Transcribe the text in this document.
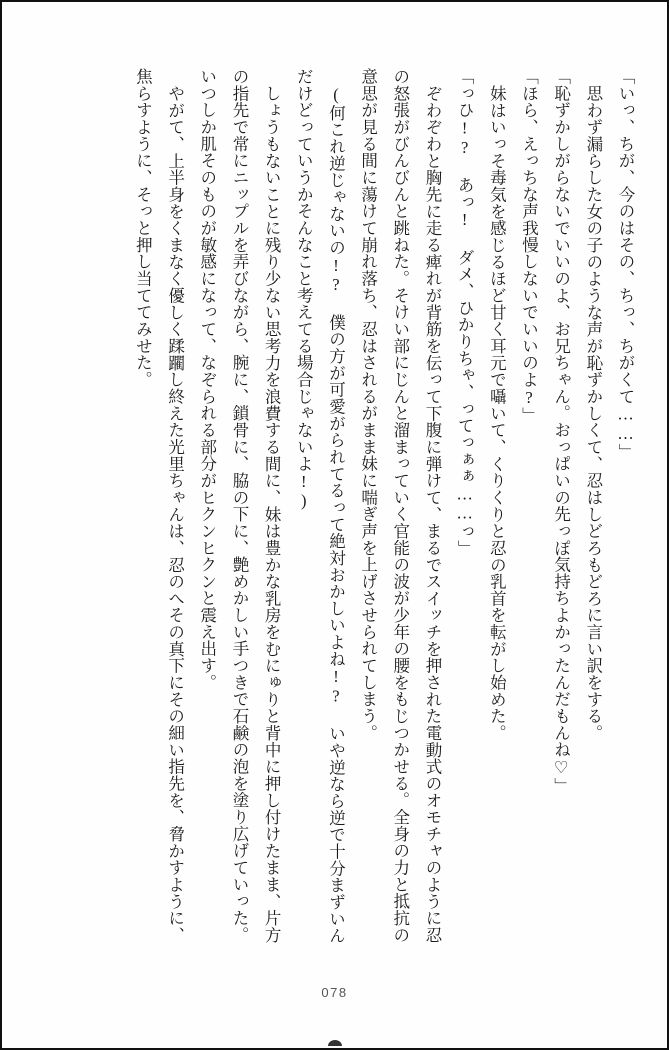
「いっ、ちが、今のはその、ちっ、ちがくて……」

思わず漏らした女の子のような声が恥ずかしくて、忍はしどろもどろに言い訳をする。

「恥ずかしがらないでいいのよ、お兄ちゃん。おっぱいの先っぽ気持ちよかったんだもんね♡」

「ほら、えっちな声我慢しないでいいのよ?」

妹はいっそ毒気を感じるほど甘く耳元で囁いて、くりくりと忍の乳首を転がし始めた。

「っひ!? あっ! ダメ、ひかりちゃ、ってっぁぁ……っ」

ぞわぞわと胸先に走る痺れが背筋を伝って下腹に弾けて、まるでスイッチを押された電動式のオモチャのように忍の怒張がびんびんと跳ねた。そけい部にじんと溜まっていく官能の波が少年の腰をもじつかせる。全身の力と抵抗の意思が見る間に蕩けて崩れ落ち、忍はされるがまま妹に喘ぎ声を上げさせられてしまう。

(何これ逆じゃないの!? 僕の方が可愛がられてるって絶対おかしいよね!? いや逆なら逆で十分まずいんだけどっていうかそんなこと考えてる場合じゃないよ!)

しょうもないことに残り少ない思考力を浪費する間に、妹は豊かな乳房をむにゅりと背中に押し付けたまま、片方の指先で常にニップルを弄びながら、腕に、鎖骨に、脇の下に、艶めかしい手つきで石鹸の泡を塗り広げていった。いつしか肌そのものが敏感になって、なぞられる部分がヒクンヒクンと震え出す。

やがて、上半身をくまなく優しく蹂躙し終えた光里ちゃんは、忍のへその真下にその細い指先を、脅かすように、焦らすように、そっと押し当ててみせた。

078
